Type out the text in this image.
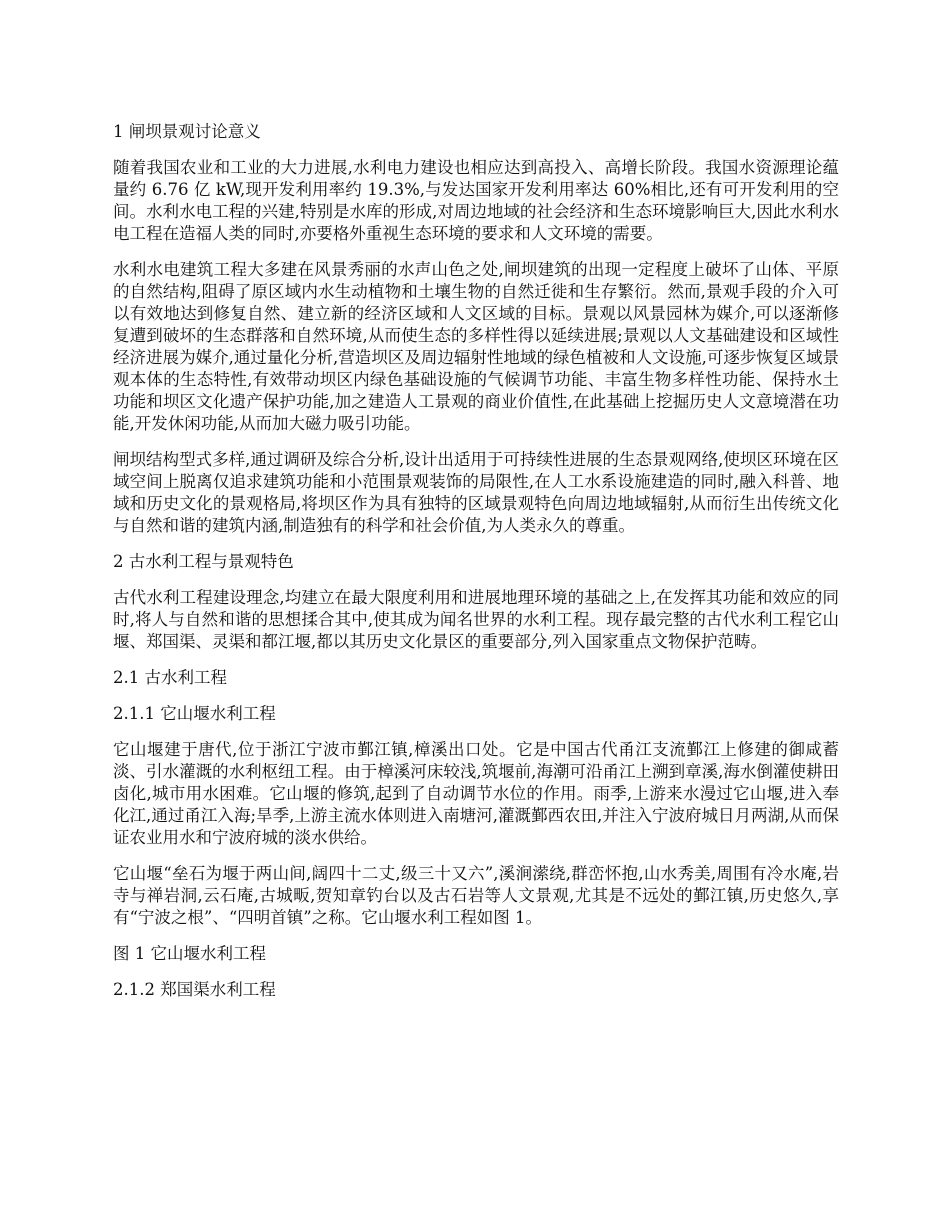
1 闸坝景观讨论意义
随着我国农业和工业的大力进展,水利电力建设也相应达到高投入、高增长阶段。我国水资源理论蕴量约 6.76 亿 kW,现开发利用率约 19.3%,与发达国家开发利用率达 60%相比,还有可开发利用的空间。水利水电工程的兴建,特别是水库的形成,对周边地域的社会经济和生态环境影响巨大,因此水利水电工程在造福人类的同时,亦要格外重视生态环境的要求和人文环境的需要。
水利水电建筑工程大多建在风景秀丽的水声山色之处,闸坝建筑的出现一定程度上破坏了山体、平原的自然结构,阻碍了原区域内水生动植物和土壤生物的自然迁徙和生存繁衍。然而,景观手段的介入可以有效地达到修复自然、建立新的经济区域和人文区域的目标。景观以风景园林为媒介,可以逐渐修复遭到破坏的生态群落和自然环境,从而使生态的多样性得以延续进展;景观以人文基础建设和区域性经济进展为媒介,通过量化分析,营造坝区及周边辐射性地域的绿色植被和人文设施,可逐步恢复区域景观本体的生态特性,有效带动坝区内绿色基础设施的气候调节功能、丰富生物多样性功能、保持水土功能和坝区文化遗产保护功能,加之建造人工景观的商业价值性,在此基础上挖掘历史人文意境潜在功能,开发休闲功能,从而加大磁力吸引功能。
闸坝结构型式多样,通过调研及综合分析,设计出适用于可持续性进展的生态景观网络,使坝区环境在区域空间上脱离仅追求建筑功能和小范围景观装饰的局限性,在人工水系设施建造的同时,融入科普、地域和历史文化的景观格局,将坝区作为具有独特的区域景观特色向周边地域辐射,从而衍生出传统文化与自然和谐的建筑内涵,制造独有的科学和社会价值,为人类永久的尊重。
2 古水利工程与景观特色
古代水利工程建设理念,均建立在最大限度利用和进展地理环境的基础之上,在发挥其功能和效应的同时,将人与自然和谐的思想揉合其中,使其成为闻名世界的水利工程。现存最完整的古代水利工程它山堰、郑国渠、灵渠和都江堰,都以其历史文化景区的重要部分,列入国家重点文物保护范畴。
2.1 古水利工程
2.1.1 它山堰水利工程
它山堰建于唐代,位于浙江宁波市鄞江镇,樟溪出口处。它是中国古代甬江支流鄞江上修建的御咸蓄淡、引水灌溉的水利枢纽工程。由于樟溪河床较浅,筑堰前,海潮可沿甬江上溯到章溪,海水倒灌使耕田卤化,城市用水困难。它山堰的修筑,起到了自动调节水位的作用。雨季,上游来水漫过它山堰,进入奉化江,通过甬江入海;旱季,上游主流水体则进入南塘河,灌溉鄞西农田,并注入宁波府城日月两湖,从而保证农业用水和宁波府城的淡水供给。
它山堰“垒石为堰于两山间,阔四十二丈,级三十又六”,溪涧潆绕,群峦怀抱,山水秀美,周围有冷水庵,岩寺与禅岩洞,云石庵,古城畈,贺知章钓台以及古石岩等人文景观,尤其是不远处的鄞江镇,历史悠久,享有“宁波之根”、“四明首镇”之称。它山堰水利工程如图 1。
图 1 它山堰水利工程
2.1.2 郑国渠水利工程
